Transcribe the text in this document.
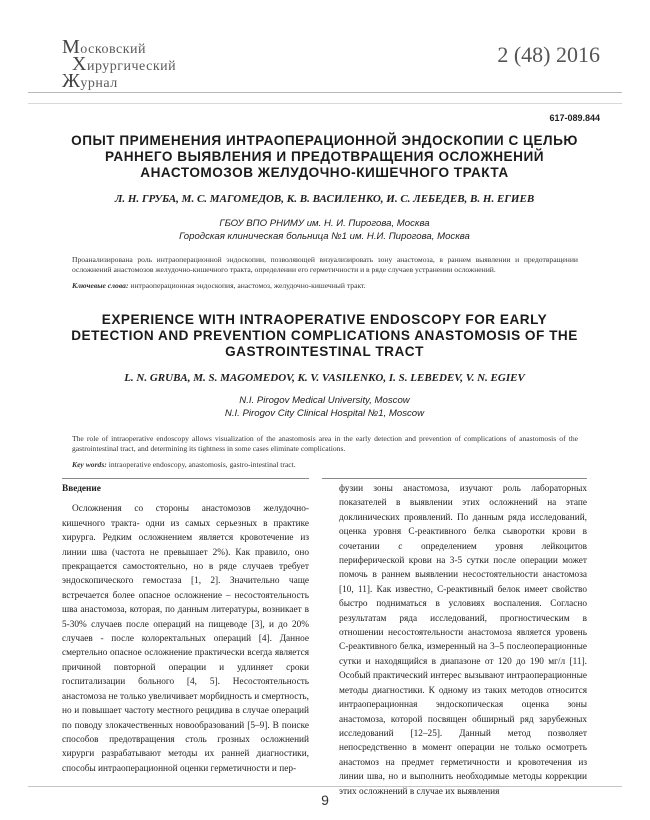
Московский
Хирургический
Журнал
2 (48) 2016
617-089.844
ОПЫТ ПРИМЕНЕНИЯ ИНТРАОПЕРАЦИОННОЙ ЭНДОСКОПИИ С ЦЕЛЬЮ РАННЕГО ВЫЯВЛЕНИЯ И ПРЕДОТВРАЩЕНИЯ ОСЛОЖНЕНИЙ АНАСТОМОЗОВ ЖЕЛУДОЧНО-КИШЕЧНОГО ТРАКТА
Л. Н. ГРУБА, М. С. МАГОМЕДОВ, К. В. ВАСИЛЕНКО, И. С. ЛЕБЕДЕВ, В. Н. ЕГИЕВ
ГБОУ ВПО РНИМУ им. Н. И. Пирогова, Москва
Городская клиническая больница №1 им. Н.И. Пирогова, Москва
Проанализирована роль интраоперационной эндоскопии, позволяющей визуализировать зону анастомоза, в раннем выявлении и предотвращении осложнений анастомозов желудочно-кишечного тракта, определении его герметичности и в ряде случаев устранении осложнений.
Ключевые слова: интраоперационная эндоскопия, анастомоз, желудочно-кишечный тракт.
EXPERIENCE WITH INTRAOPERATIVE ENDOSCOPY FOR EARLY DETECTION AND PREVENTION COMPLICATIONS ANASTOMOSIS OF THE GASTROINTESTINAL TRACT
L. N. GRUBA, M. S. MAGOMEDOV, K. V. VASILENKO, I. S. LEBEDEV, V. N. EGIEV
N.I. Pirogov Medical University, Moscow
N.I. Pirogov City Clinical Hospital №1, Moscow
The role of intraoperative endoscopy allows visualization of the anastomosis area in the early detection and prevention of complications of anastomosis of the gastrointestinal tract, and determining its tightness in some cases eliminate complications.
Key words: intraoperative endoscopy, anastomosis, gastro-intestinal tract.
Введение

Осложнения со стороны анастомозов желудочно-кишечного тракта- одни из самых серьезных в практике хирурга. Редким осложнением является кровотечение из линии шва (частота не превышает 2%). Как правило, оно прекращается самостоятельно, но в ряде случаев требует эндоскопического гемостаза [1, 2]. Значительно чаще встречается более опасное осложнение – несостоятельность шва анастомоза, которая, по данным литературы, возникает в 5-30% случаев после операций на пищеводе [3], и до 20% случаев - после колоректальных операций [4]. Данное смертельно опасное осложнение практически всегда является причиной повторной операции и удлиняет сроки госпитализации больного [4, 5]. Несостоятельность анастомоза не только увеличивает морбидность и смертность, но и повышает частоту местного рецидива в случае операций по поводу злокачественных новообразований [5–9]. В поиске способов предотвращения столь грозных осложнений хирурги разрабатывают методы их ранней диагностики, способы интраоперационной оценки герметичности и пер-

фузии зоны анастомоза, изучают роль лабораторных показателей в выявлении этих осложнений на этапе доклинических проявлений. По данным ряда исследований, оценка уровня С-реактивного белка сыворотки крови в сочетании с определением уровня лейкоцитов периферической крови на 3-5 сутки после операции может помочь в раннем выявлении несостоятельности анастомоза [10, 11]. Как известно, С-реактивный белок имеет свойство быстро подниматься в условиях воспаления. Согласно результатам ряда исследований, прогностическим в отношении несостоятельности анастомоза является уровень С-реактивного белка, измеренный на 3–5 послеоперационные сутки и находящийся в диапазоне от 120 до 190 мг/л [11]. Особый практический интерес вызывают интраоперационные методы диагностики. К одному из таких методов относится интраоперационная эндоскопическая оценка зоны анастомоза, которой посвящен обширный ряд зарубежных исследований [12–25]. Данный метод позволяет непосредственно в момент операции не только осмотреть анастомоз на предмет герметичности и кровотечения из линии шва, но и выполнить необходимые методы коррекции этих осложнений в случае их выявления

9
